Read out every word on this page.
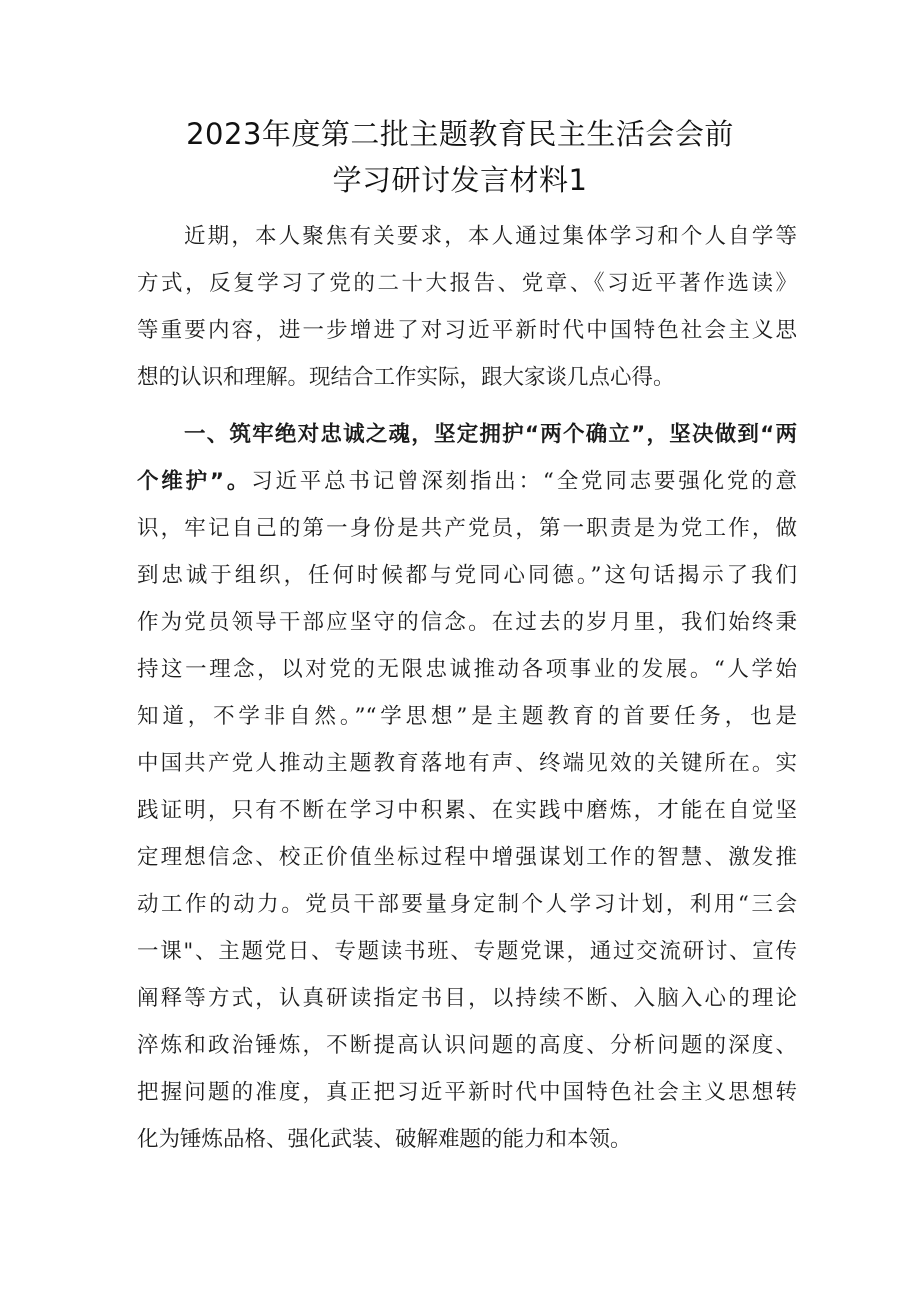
2023年度第二批主题教育民主生活会会前
学习研讨发言材料1
近期，本人聚焦有关要求，本人通过集体学习和个人自学等
方式，反复学习了党的二十大报告、党章、《习近平著作选读》
等重要内容，进一步增进了对习近平新时代中国特色社会主义思
想的认识和理解。现结合工作实际，跟大家谈几点心得。
一、筑牢绝对忠诚之魂，坚定拥护“两个确立”，坚决做到“两
个维护”。习近平总书记曾深刻指出：“全党同志要强化党的意
识，牢记自己的第一身份是共产党员，第一职责是为党工作，做
到忠诚于组织，任何时候都与党同心同德。”这句话揭示了我们
作为党员领导干部应坚守的信念。在过去的岁月里，我们始终秉
持这一理念，以对党的无限忠诚推动各项事业的发展。“人学始
知道，不学非自然。”“学思想”是主题教育的首要任务，也是
中国共产党人推动主题教育落地有声、终端见效的关键所在。实
践证明，只有不断在学习中积累、在实践中磨炼，才能在自觉坚
定理想信念、校正价值坐标过程中增强谋划工作的智慧、激发推
动工作的动力。党员干部要量身定制个人学习计划，利用“三会
一课"、主题党日、专题读书班、专题党课，通过交流研讨、宣传
阐释等方式，认真研读指定书目，以持续不断、入脑入心的理论
淬炼和政治锤炼，不断提高认识问题的高度、分析问题的深度、
把握问题的准度，真正把习近平新时代中国特色社会主义思想转
化为锤炼品格、强化武装、破解难题的能力和本领。
